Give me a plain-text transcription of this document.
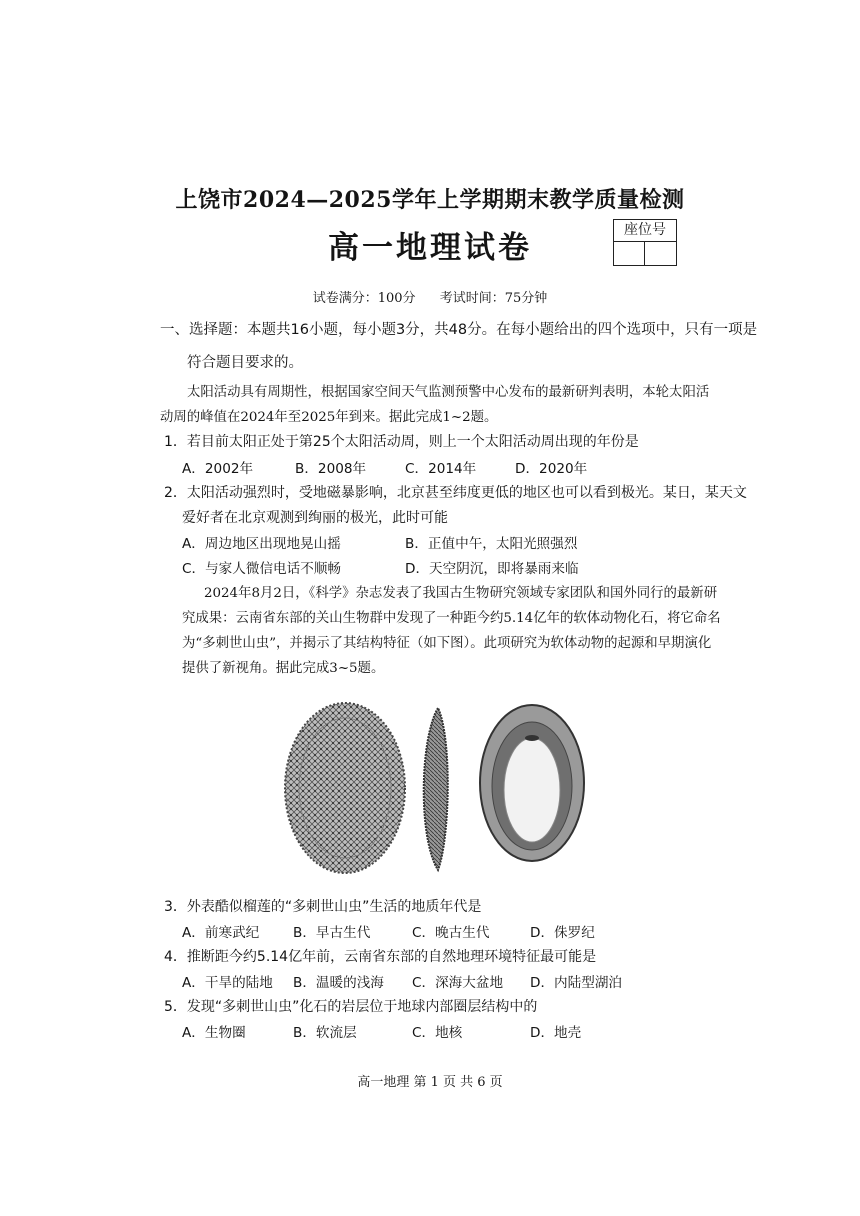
上饶市2024—2025学年上学期期末教学质量检测
高一地理试卷	座位号
试卷满分：100分 考试时间：75分钟
一、选择题：本题共16小题，每小题3分，共48分。在每小题给出的四个选项中，只有一项是
符合题目要求的。
太阳活动具有周期性，根据国家空间天气监测预警中心发布的最新研判表明，本轮太阳活
动周的峰值在2024年至2025年到来。据此完成1~2题。
1．若目前太阳正处于第25个太阳活动周，则上一个太阳活动周出现的年份是
A．2002年	B．2008年	C．2014年	D．2020年
2．太阳活动强烈时，受地磁暴影响，北京甚至纬度更低的地区也可以看到极光。某日，某天文
爱好者在北京观测到绚丽的极光，此时可能
A．周边地区出现地晃山摇	B．正值中午，太阳光照强烈
C．与家人微信电话不顺畅	D．天空阴沉，即将暴雨来临
2024年8月2日，《科学》杂志发表了我国古生物研究领域专家团队和国外同行的最新研
究成果：云南省东部的关山生物群中发现了一种距今约5.14亿年的软体动物化石，将它命名
为“多刺世山虫”，并揭示了其结构特征（如下图）。此项研究为软体动物的起源和早期演化
提供了新视角。据此完成3~5题。
3．外表酷似榴莲的“多刺世山虫”生活的地质年代是
A．前寒武纪 B．早古生代	C．晚古生代	D．侏罗纪
4．推断距今约5.14亿年前，云南省东部的自然地理环境特征最可能是
A．干旱的陆地 B．温暖的浅海 C．深海大盆地 D．内陆型湖泊
5．发现“多刺世山虫”化石的岩层位于地球内部圈层结构中的
A．生物圈	B．软流层	C．地核	D．地壳
高一地理 第 1 页 共 6 页
